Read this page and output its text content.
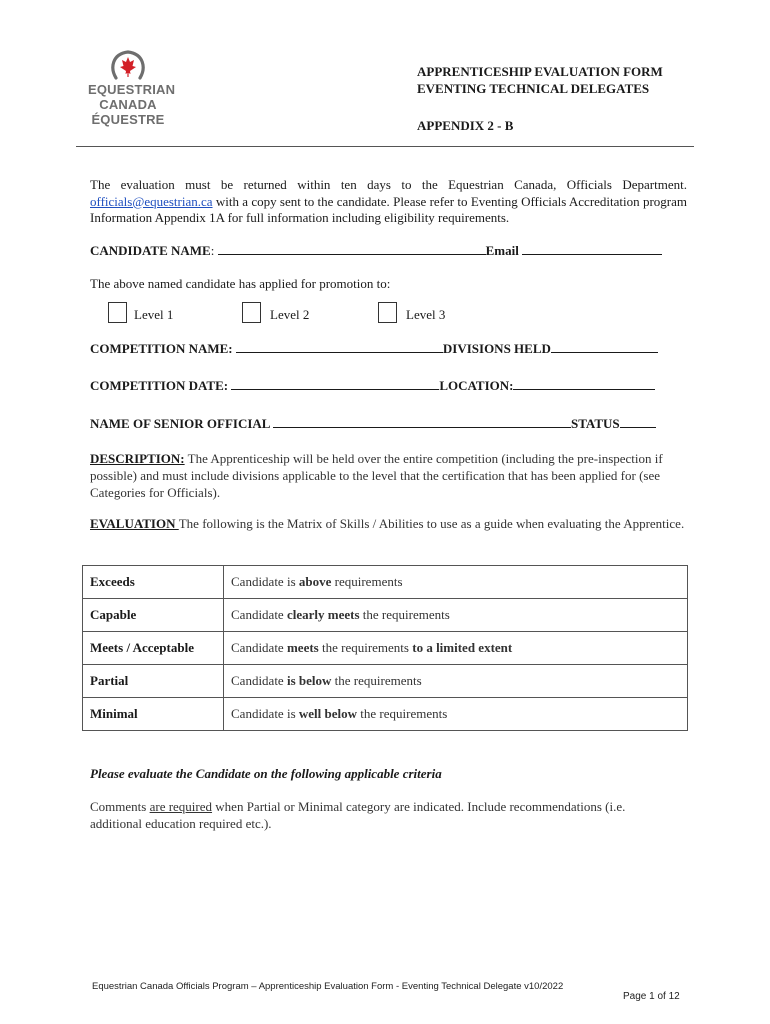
EQUESTRIAN
CANADA
ÉQUESTRE
APPRENTICESHIP EVALUATION FORM
EVENTING TECHNICAL DELEGATES
APPENDIX 2 - B
The evaluation must be returned within ten days to the Equestrian Canada, Officials Department. officials@equestrian.ca with a copy sent to the candidate. Please refer to Eventing Officials Accreditation program Information Appendix 1A for full information including eligibility requirements.
CANDIDATE NAME:	Email
The above named candidate has applied for promotion to:
Level 1	Level 2	Level 3
COMPETITION NAME:	DIVISIONS HELD
COMPETITION DATE:	LOCATION:
NAME OF SENIOR OFFICIAL	STATUS
DESCRIPTION: The Apprenticeship will be held over the entire competition (including the pre-inspection if possible) and must include divisions applicable to the level that the certification that has been applied for (see Categories for Officials).
EVALUATION The following is the Matrix of Skills / Abilities to use as a guide when evaluating the Apprentice.
Exceeds	Candidate is above requirements
Capable	Candidate clearly meets the requirements
Meets / Acceptable	Candidate meets the requirements to a limited extent
Partial	Candidate is below the requirements
Minimal	Candidate is well below the requirements
Please evaluate the Candidate on the following applicable criteria
Comments are required when Partial or Minimal category are indicated. Include recommendations (i.e. additional education required etc.).
Equestrian Canada Officials Program – Apprenticeship Evaluation Form - Eventing Technical Delegate v10/2022
Page 1 of 12
